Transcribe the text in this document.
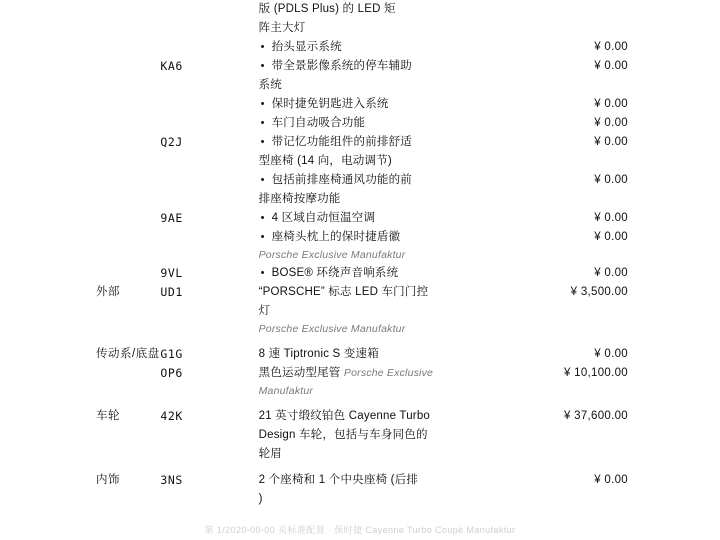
		版 (PDLS Plus) 的 LED 矩
阵主大灯	

		• 抬头显示系统	¥ 0.00
	KA6	• 带全景影像系统的停车辅助
系统	¥ 0.00

		• 保时捷免钥匙进入系统	¥ 0.00

		• 车门自动吸合功能	¥ 0.00
	Q2J	• 带记忆功能组件的前排舒适
型座椅 (14 向，电动调节)	¥ 0.00

		• 包括前排座椅通风功能的前
排座椅按摩功能	¥ 0.00
	9AE	• 4 区域自动恒温空调	¥ 0.00

		• 座椅头枕上的保时捷盾徽
Porsche Exclusive Manufaktur	¥ 0.00
	9VL	• BOSE® 环绕声音响系统	¥ 0.00
外部	UD1	“PORSCHE” 标志 LED 车门门控
灯
Porsche Exclusive Manufaktur	¥ 3,500.00

传动系/底盘	G1G	8 速 Tiptronic S 变速箱	¥ 0.00
	OP6	黑色运动型尾管 Porsche Exclusive
Manufaktur	¥ 10,100.00

车轮	42K	21 英寸缎纹铂色 Cayenne Turbo
Design 车轮，包括与车身同色的
轮眉	¥ 37,600.00

内饰	3NS	2 个座椅和 1 个中央座椅 (后排
)	¥ 0.00
第 1/2020-00-00 页标准配置 · 保时捷 Cayenne Turbo Coupé Manufaktur
